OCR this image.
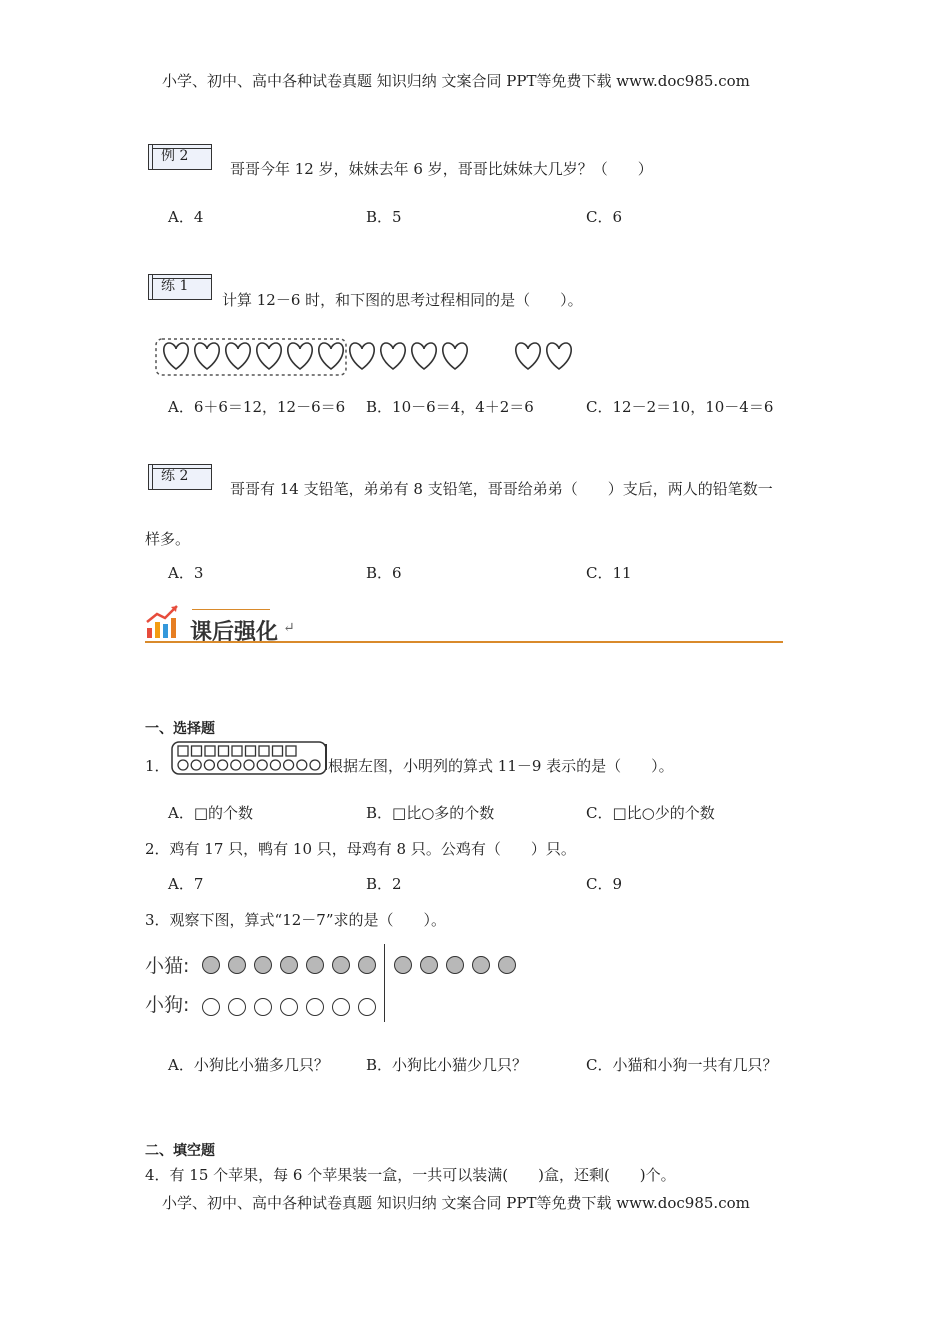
小学、初中、高中各种试卷真题 知识归纳 文案合同 PPT等免费下载 www.doc985.com
例 2
哥哥今年 12 岁，妹妹去年 6 岁，哥哥比妹妹大几岁？（　　）
A．4	B．5	C．6
练 1
计算 12－6 时，和下图的思考过程相同的是（　　）。
A．6＋6＝12，12－6＝6 B．10－6＝4，4＋2＝6	C．12－2＝10，10－4＝6
练 2
哥哥有 14 支铅笔，弟弟有 8 支铅笔，哥哥给弟弟（　　）支后，两人的铅笔数一
样多。
A．3	B．6	C．11
课后强化 ↵
一、选择题
1．	根据左图，小明列的算式 11－9 表示的是（　　）。
A．□的个数	B．□比○多的个数	C．□比○少的个数
2．鸡有 17 只，鸭有 10 只，母鸡有 8 只。公鸡有（　　）只。
A．7	B．2	C．9
3．观察下图，算式“12－7”求的是（　　）。
小猫:
小狗:
A．小狗比小猫多几只？ B．小狗比小猫少几只？	C．小猫和小狗一共有几只？
二、填空题
4．有 15 个苹果，每 6 个苹果装一盒，一共可以装满(　　)盒，还剩(　　)个。
小学、初中、高中各种试卷真题 知识归纳 文案合同 PPT等免费下载 www.doc985.com
